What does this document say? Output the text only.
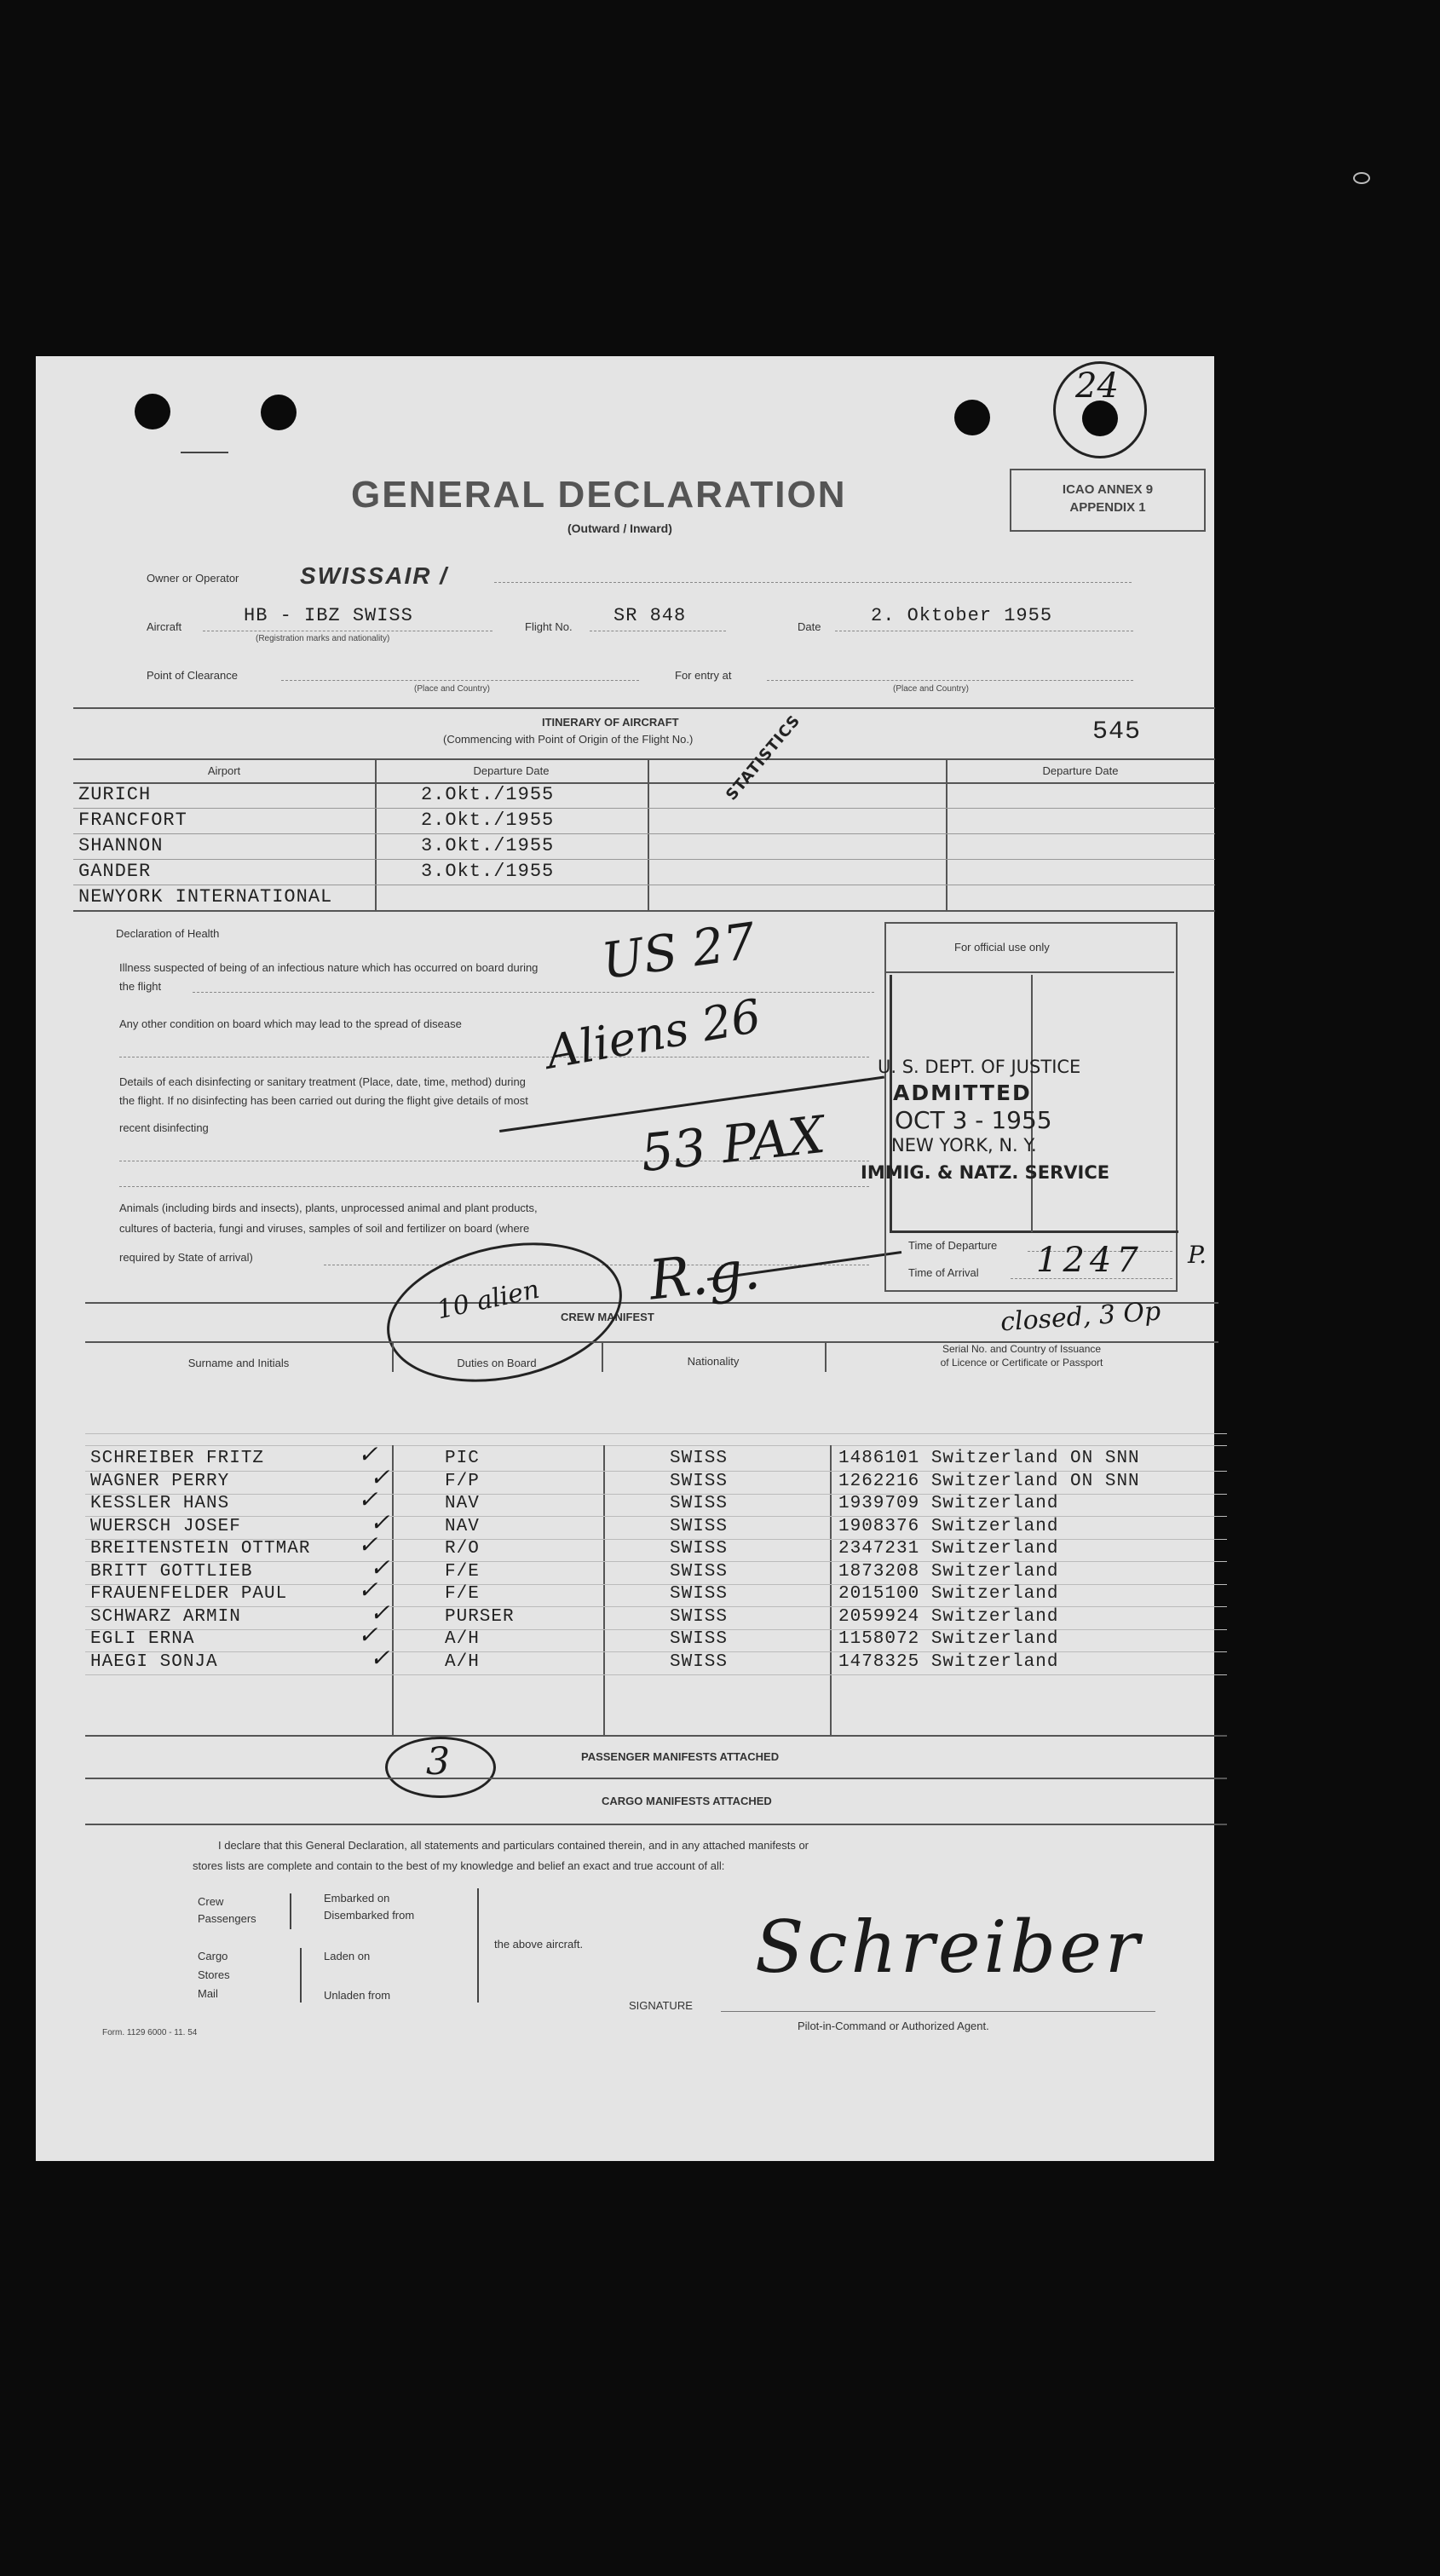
24
GENERAL DECLARATION
(Outward / Inward)
ICAO ANNEX 9
APPENDIX 1
Owner or Operator	SWISSAIR /
Aircraft
HB - IBZ SWISS
(Registration marks and nationality)
Flight No.
SR 848
Date
2. Oktober 1955
Point of Clearance
(Place and Country)
For entry at
(Place and Country)
ITINERARY OF AIRCRAFT
(Commencing with Point of Origin of the Flight No.)	545
Airport	Departure Date	Departure Date
ZURICH	2.Okt./1955
FRANCFORT	2.Okt./1955
SHANNON	3.Okt./1955
GANDER	3.Okt./1955
NEWYORK INTERNATIONAL
STATISTICS
Declaration of Health
Illness suspected of being of an infectious nature which has occurred on board during
the flight
Any other condition on board which may lead to the spread of disease
Details of each disinfecting or sanitary treatment (Place, date, time, method) during
the flight. If no disinfecting has been carried out during the flight give details of most
recent disinfecting
Animals (including birds and insects), plants, unprocessed animal and plant products,
cultures of bacteria, fungi and viruses, samples of soil and fertilizer on board (where
required by State of arrival)
US 27
Aliens 26
53 PAX
For official use only
U. S. DEPT. OF JUSTICE
ADMITTED
OCT 3 - 1955
NEW YORK, N. Y.
IMMIG. & NATZ. SERVICE
Time of Departure
Time of Arrival 1247 P.
CREW MANIFEST
10 alien R.g.
closed, 3 Op
Surname and Initials	Duties on Board	Nationality
Serial No. and Country of Issuance
of Licence or Certificate or Passport
SCHREIBER FRITZ	PIC	SWISS	1486101 Switzerland ON SNN
✓
WAGNER PERRY	F/P	SWISS	1262216 Switzerland ON SNN
✓
KESSLER HANS	NAV	SWISS	1939709 Switzerland
✓
WUERSCH JOSEF	NAV	SWISS	1908376 Switzerland
✓
BREITENSTEIN OTTMAR	R/O	SWISS	2347231 Switzerland
✓
BRITT GOTTLIEB	F/E	SWISS	1873208 Switzerland
✓
FRAUENFELDER PAUL	F/E	SWISS	2015100 Switzerland
✓
SCHWARZ ARMIN	PURSER	SWISS	2059924 Switzerland
✓
EGLI ERNA	A/H	SWISS	1158072 Switzerland
✓
HAEGI SONJA	A/H	SWISS	1478325 Switzerland
✓
3	PASSENGER MANIFESTS ATTACHED
CARGO MANIFESTS ATTACHED
I declare that this General Declaration, all statements and particulars contained therein, and in any attached manifests or
stores lists are complete and contain to the best of my knowledge and belief an exact and true account of all:
Crew
Passengers
Embarked on
Disembarked from
Cargo
Stores
Mail
Laden on
Unladen from
the above aircraft.
SIGNATURE
Schreiber
Pilot-in-Command or Authorized Agent.
Form. 1129 6000 - 11. 54
